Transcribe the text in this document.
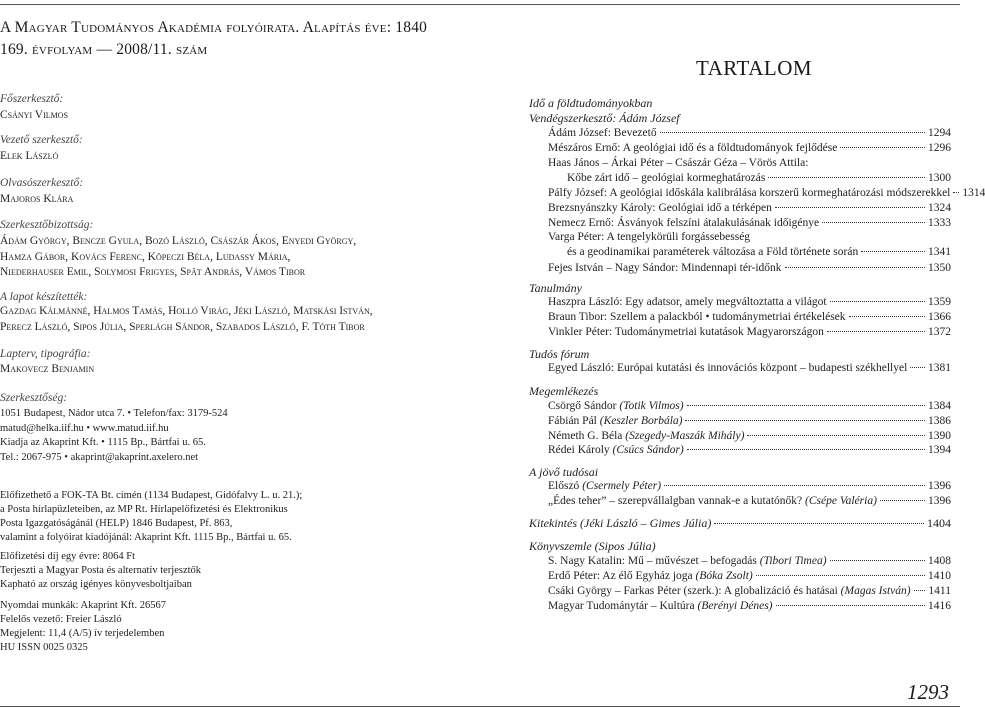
A Magyar Tudományos Akadémia folyóirata. Alapítás éve: 1840
169. évfolyam — 2008/11. szám
Főszerkesztő:
Csányi Vilmos
Vezető szerkesztő:
Elek László
Olvasószerkesztő:
Majoros Klára
Szerkesztőbizottság:
Ádám György, Bencze Gyula, Bozó László, Császár Ákos, Enyedi György,
Hamza Gábor, Kovács Ferenc, Köpeczi Béla, Ludassy Mária,
Niederhauser Emil, Solymosi Frigyes, Spät András, Vámos Tibor
A lapot készítették:
Gazdag Kálmánné, Halmos Tamás, Holló Virág, Jéki László, Matskási István,
Perecz László, Sipos Júlia, Sperlágh Sándor, Szabados László, F. Tóth Tibor
Lapterv, tipográfia:
Makovecz Benjamin
Szerkesztőség:
1051 Budapest, Nádor utca 7. • Telefon/fax: 3179-524
matud@helka.iif.hu • www.matud.iif.hu
Kiadja az Akaprint Kft. • 1115 Bp., Bártfai u. 65.
Tel.: 2067-975 • akaprint@akaprint.axelero.net
Előfizethető a FOK-TA Bt. címén (1134 Budapest, Gidófalvy L. u. 21.);
a Posta hírlapüzleteiben, az MP Rt. Hírlapelőfizetési és Elektronikus
Posta Igazgatóságánál (HELP) 1846 Budapest, Pf. 863,
valamint a folyóirat kiadójánál: Akaprint Kft. 1115 Bp., Bártfai u. 65.
Előfizetési díj egy évre: 8064 Ft
Terjeszti a Magyar Posta és alternatív terjesztők
Kapható az ország igényes könyvesboltjaiban
Nyomdai munkák: Akaprint Kft. 26567
Felelős vezető: Freier László
Megjelent: 11,4 (A/5) ív terjedelemben
HU ISSN 0025 0325
TARTALOM
Idő a földtudományokban
Vendégszerkesztő: Ádám József
Ádám József: Bevezető	1294
Mészáros Ernő: A geológiai idő és a földtudományok fejlődése	1296
Haas János – Árkai Péter – Császár Géza – Vörös Attila:
Kőbe zárt idő – geológiai kormeghatározás	1300
Pálfy József: A geológiai időskála kalibrálása korszerű kormeghatározási módszerekkel 1314
Brezsnyánszky Károly: Geológiai idő a térképen	1324
Nemecz Ernő: Ásványok felszíni átalakulásának időigénye	1333
Varga Péter: A tengelykörüli forgássebesség
és a geodinamikai paraméterek változása a Föld története során	1341
Fejes István – Nagy Sándor: Mindennapi tér-időnk	1350
Tanulmány
Haszpra László: Egy adatsor, amely megváltoztatta a világot	1359
Braun Tibor: Szellem a palackból • tudománymetriai értékelések	1366
Vinkler Péter: Tudománymetriai kutatások Magyarországon	1372
Tudós fórum
Egyed László: Európai kutatási és innovációs központ – budapesti székhellyel 1381
Megemlékezés
Csörgő Sándor (Totik Vilmos)	1384
Fábián Pál (Keszler Borbála)	1386
Németh G. Béla (Szegedy-Maszák Mihály)	1390
Rédei Károly (Csúcs Sándor)	1394
A jövő tudósai
Előszó (Csermely Péter)	1396
„Édes teher” – szerepvállalgban vannak-e a kutatónők? (Csépe Valéria)	1396
Kitekintés (Jéki László – Gimes Júlia)	1404
Könyvszemle (Sipos Júlia)
S. Nagy Katalin: Mű – művészet – befogadás (Tibori Timea)	1408
Erdő Péter: Az élő Egyház joga (Bóka Zsolt)	1410
Csáki György – Farkas Péter (szerk.): A globalizáció és hatásai (Magas István) 1411
Magyar Tudománytár – Kultúra (Berényi Dénes)	1416
1293
